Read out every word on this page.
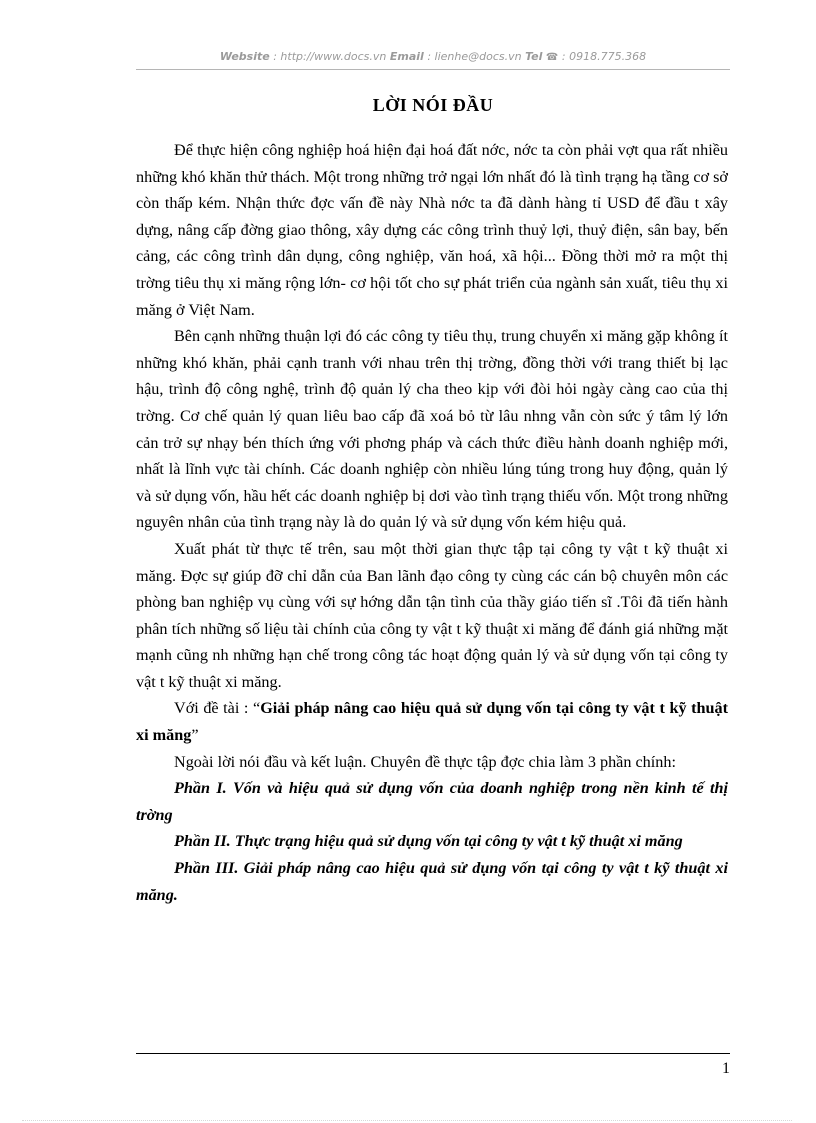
Website : http://www.docs.vn Email : lienhe@docs.vn Tel ☎ : 0918.775.368
LỜI NÓI ĐẦU

Để thực hiện công nghiệp hoá hiện đại hoá đất nớc, nớc ta còn phải vợt qua rất nhiều những khó khăn thử thách. Một trong những trở ngại lớn nhất đó là tình trạng hạ tầng cơ sở còn thấp kém. Nhận thức đợc vấn đề này Nhà nớc ta đã dành hàng tỉ USD để đầu t xây dựng, nâng cấp đờng giao thông, xây dựng các công trình thuỷ lợi, thuỷ điện, sân bay, bến cảng, các công trình dân dụng, công nghiệp, văn hoá, xã hội... Đồng thời mở ra một thị trờng tiêu thụ xi măng rộng lớn- cơ hội tốt cho sự phát triển của ngành sản xuất, tiêu thụ xi măng ở Việt Nam.

Bên cạnh những thuận lợi đó các công ty tiêu thụ, trung chuyển xi măng gặp không ít những khó khăn, phải cạnh tranh với nhau trên thị trờng, đồng thời với trang thiết bị lạc hậu, trình độ công nghệ, trình độ quản lý cha theo kịp với đòi hỏi ngày càng cao của thị trờng. Cơ chế quản lý quan liêu bao cấp đã xoá bỏ từ lâu nhng vẫn còn sức ý tâm lý lớn cản trở sự nhạy bén thích ứng với phơng pháp và cách thức điều hành doanh nghiệp mới, nhất là lĩnh vực tài chính. Các doanh nghiệp còn nhiều lúng túng trong huy động, quản lý và sử dụng vốn, hầu hết các doanh nghiệp bị dơi vào tình trạng thiếu vốn. Một trong những nguyên nhân của tình trạng này là do quản lý và sử dụng vốn kém hiệu quả.

Xuất phát từ thực tế trên, sau một thời gian thực tập tại công ty vật t kỹ thuật xi măng. Đợc sự giúp đỡ chỉ dẫn của Ban lãnh đạo công ty cùng các cán bộ chuyên môn các phòng ban nghiệp vụ cùng với sự hớng dẫn tận tình của thầy giáo tiến sĩ .Tôi đã tiến hành phân tích những số liệu tài chính của công ty vật t kỹ thuật xi măng để đánh giá những mặt mạnh cũng nh những hạn chế trong công tác hoạt động quản lý và sử dụng vốn tại công ty vật t kỹ thuật xi măng.

Với đề tài : “Giải pháp nâng cao hiệu quả sử dụng vốn tại công ty vật t kỹ thuật xi măng”

Ngoài lời nói đầu và kết luận. Chuyên đề thực tập đợc chia làm 3 phần chính:

Phần I. Vốn và hiệu quả sử dụng vốn của doanh nghiệp trong nền kinh tế thị trờng

Phần II. Thực trạng hiệu quả sử dụng vốn tại công ty vật t kỹ thuật xi măng

Phần III. Giải pháp nâng cao hiệu quả sử dụng vốn tại công ty vật t kỹ thuật xi măng.

1
